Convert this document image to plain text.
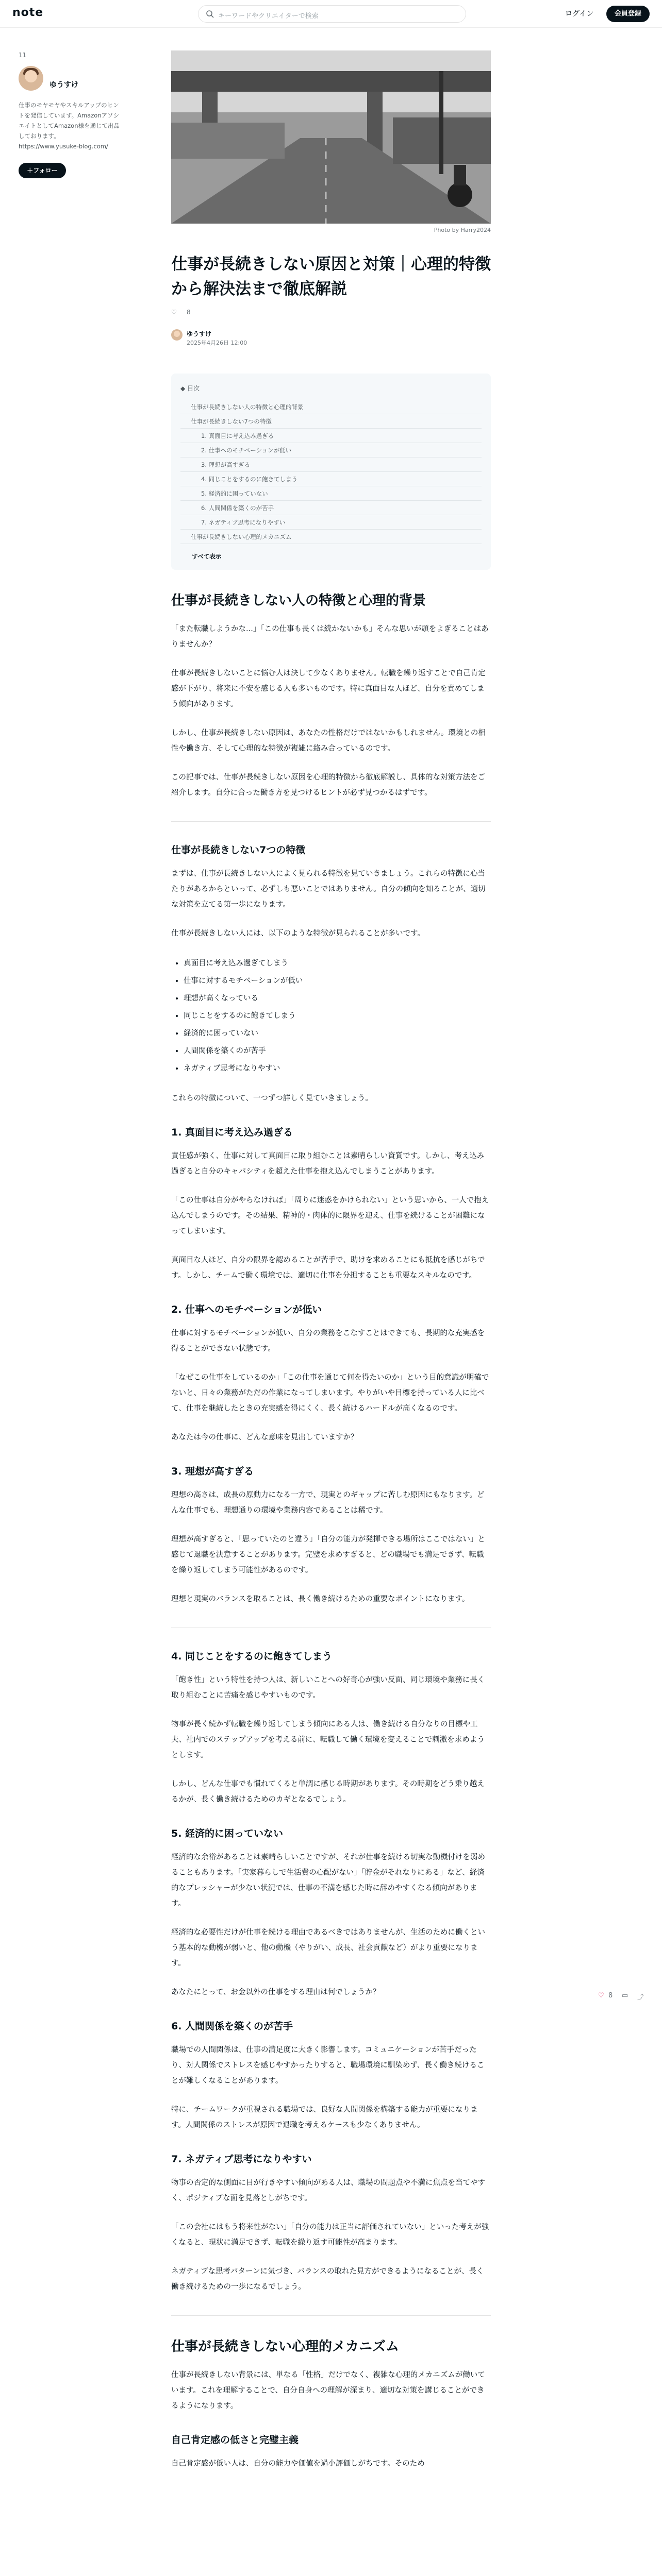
note	キーワードやクリエイターで検索	ログイン	会員登録
11
ゆうすけ
仕事のモヤモヤやスキルアップのヒントを発信しています。AmazonアソシエイトとしてAmazon様を通じて出品しております。
https://www.yusuke-blog.com/
＋フォロー
Photo by Harry2024
仕事が長続きしない原因と対策｜心理的特徴から解決法まで徹底解説
♡ 8
ゆうすけ
2025年4月26日 12:00
◆ 目次
仕事が長続きしない人の特徴と心理的背景
仕事が長続きしない7つの特徴
1. 真面目に考え込み過ぎる
2. 仕事へのモチベーションが低い
3. 理想が高すぎる
4. 同じことをするのに飽きてしまう
5. 経済的に困っていない
6. 人間関係を築くのが苦手
7. ネガティブ思考になりやすい
仕事が長続きしない心理的メカニズム
すべて表示
仕事が長続きしない人の特徴と心理的背景

「また転職しようかな...」「この仕事も長くは続かないかも」そんな思いが頭をよぎることはありませんか？

仕事が長続きしないことに悩む人は決して少なくありません。転職を繰り返すことで自己肯定感が下がり、将来に不安を感じる人も多いものです。特に真面目な人ほど、自分を責めてしまう傾向があります。

しかし、仕事が長続きしない原因は、あなたの性格だけではないかもしれません。環境との相性や働き方、そして心理的な特徴が複雑に絡み合っているのです。

この記事では、仕事が長続きしない原因を心理的特徴から徹底解説し、具体的な対策方法をご紹介します。自分に合った働き方を見つけるヒントが必ず見つかるはずです。

仕事が長続きしない7つの特徴

まずは、仕事が長続きしない人によく見られる特徴を見ていきましょう。これらの特徴に心当たりがあるからといって、必ずしも悪いことではありません。自分の傾向を知ることが、適切な対策を立てる第一歩になります。

仕事が長続きしない人には、以下のような特徴が見られることが多いです。

• 真面目に考え込み過ぎてしまう
• 仕事に対するモチベーションが低い
• 理想が高くなっている
• 同じことをするのに飽きてしまう
• 経済的に困っていない
• 人間関係を築くのが苦手
• ネガティブ思考になりやすい

これらの特徴について、一つずつ詳しく見ていきましょう。

1. 真面目に考え込み過ぎる

責任感が強く、仕事に対して真面目に取り組むことは素晴らしい資質です。しかし、考え込み過ぎると自分のキャパシティを超えた仕事を抱え込んでしまうことがあります。

「この仕事は自分がやらなければ」「周りに迷惑をかけられない」という思いから、一人で抱え込んでしまうのです。その結果、精神的・肉体的に限界を迎え、仕事を続けることが困難になってしまいます。

真面目な人ほど、自分の限界を認めることが苦手で、助けを求めることにも抵抗を感じがちです。しかし、チームで働く環境では、適切に仕事を分担することも重要なスキルなのです。

2. 仕事へのモチベーションが低い

仕事に対するモチベーションが低い、自分の業務をこなすことはできても、長期的な充実感を得ることができない状態です。

「なぜこの仕事をしているのか」「この仕事を通じて何を得たいのか」という目的意識が明確でないと、日々の業務がただの作業になってしまいます。やりがいや目標を持っている人に比べて、仕事を継続したときの充実感を得にくく、長く続けるハードルが高くなるのです。

あなたは今の仕事に、どんな意味を見出していますか？

3. 理想が高すぎる

理想の高さは、成長の原動力になる一方で、現実とのギャップに苦しむ原因にもなります。どんな仕事でも、理想通りの環境や業務内容であることは稀です。

理想が高すぎると、「思っていたのと違う」「自分の能力が発揮できる場所はここではない」と感じて退職を決意することがあります。完璧を求めすぎると、どの職場でも満足できず、転職を繰り返してしまう可能性があるのです。

理想と現実のバランスを取ることは、長く働き続けるための重要なポイントになります。

4. 同じことをするのに飽きてしまう

「飽き性」という特性を持つ人は、新しいことへの好奇心が強い反面、同じ環境や業務に長く取り組むことに苦痛を感じやすいものです。

物事が長く続かず転職を繰り返してしまう傾向にある人は、働き続ける自分なりの目標や工夫、社内でのステップアップを考える前に、転職して働く環境を変えることで刺激を求めようとします。

しかし、どんな仕事でも慣れてくると単調に感じる時期があります。その時期をどう乗り越えるかが、長く働き続けるためのカギとなるでしょう。

5. 経済的に困っていない

経済的な余裕があることは素晴らしいことですが、それが仕事を続ける切実な動機付けを弱めることもあります。「実家暮らしで生活費の心配がない」「貯金がそれなりにある」など、経済的なプレッシャーが少ない状況では、仕事の不満を感じた時に辞めやすくなる傾向があります。

経済的な必要性だけが仕事を続ける理由であるべきではありませんが、生活のために働くという基本的な動機が弱いと、他の動機（やりがい、成長、社会貢献など）がより重要になります。

あなたにとって、お金以外の仕事をする理由は何でしょうか？

6. 人間関係を築くのが苦手

職場での人間関係は、仕事の満足度に大きく影響します。コミュニケーションが苦手だったり、対人関係でストレスを感じやすかったりすると、職場環境に馴染めず、長く働き続けることが難しくなることがあります。

特に、チームワークが重視される職場では、良好な人間関係を構築する能力が重要になります。人間関係のストレスが原因で退職を考えるケースも少なくありません。

7. ネガティブ思考になりやすい

物事の否定的な側面に目が行きやすい傾向がある人は、職場の問題点や不満に焦点を当てやすく、ポジティブな面を見落としがちです。

「この会社にはもう将来性がない」「自分の能力は正当に評価されていない」といった考えが強くなると、現状に満足できず、転職を繰り返す可能性が高まります。

ネガティブな思考パターンに気づき、バランスの取れた見方ができるようになることが、長く働き続けるための一歩になるでしょう。

仕事が長続きしない心理的メカニズム

仕事が長続きしない背景には、単なる「性格」だけでなく、複雑な心理的メカニズムが働いています。これを理解することで、自分自身への理解が深まり、適切な対策を講じることができるようになります。

自己肯定感の低さと完璧主義

自己肯定感が低い人は、自分の能力や価値を過小評価しがちです。そのため

♡ 8 ▭ ⤴
